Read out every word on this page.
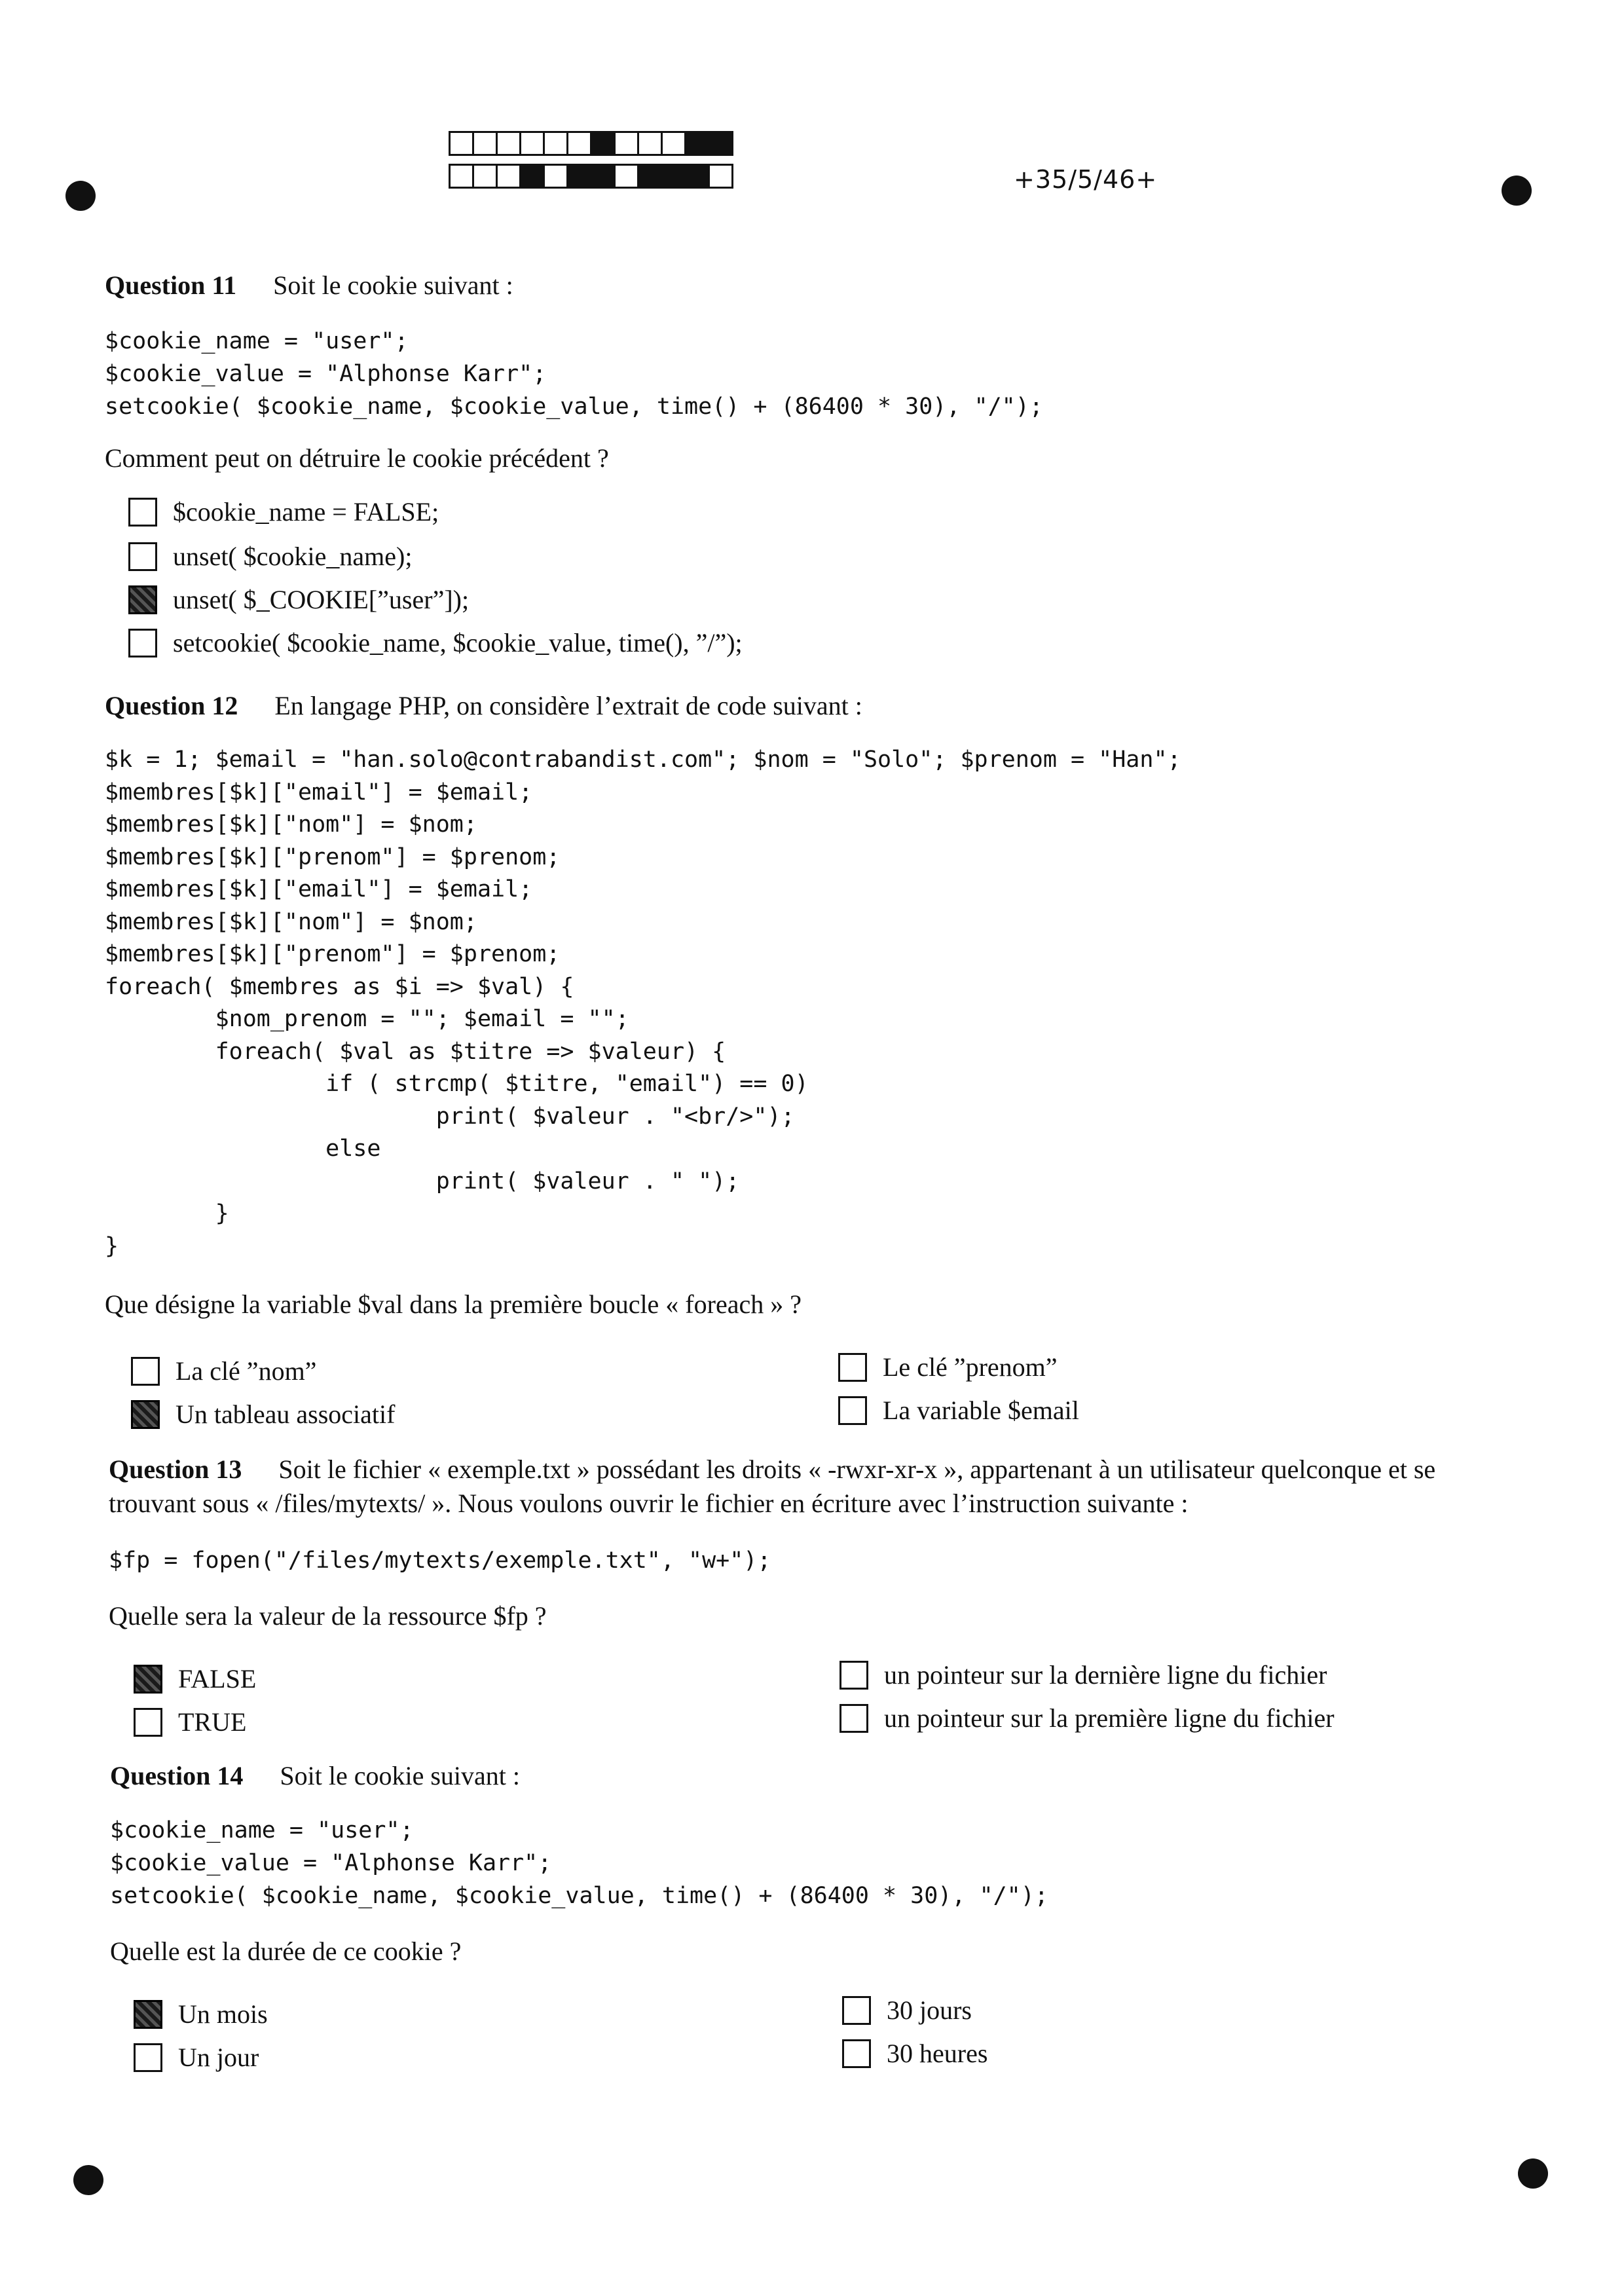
+35/5/46+
Question 11 Soit le cookie suivant :
$cookie_name = "user";
$cookie_value = "Alphonse Karr";
setcookie( $cookie_name, $cookie_value, time() + (86400 * 30), "/");
Comment peut on détruire le cookie précédent ?
$cookie_name = FALSE;
unset( $cookie_name);
unset( $_COOKIE[”user”]);
setcookie( $cookie_name, $cookie_value, time(), ”/”);
Question 12 En langage PHP, on considère l’extrait de code suivant :
$k = 1; $email = "han.solo@contrabandist.com"; $nom = "Solo"; $prenom = "Han";
$membres[$k]["email"] = $email;
$membres[$k]["nom"] = $nom;
$membres[$k]["prenom"] = $prenom;
$membres[$k]["email"] = $email;
$membres[$k]["nom"] = $nom;
$membres[$k]["prenom"] = $prenom;
foreach( $membres as $i => $val) {
$nom_prenom = ""; $email = "";
foreach( $val as $titre => $valeur) {
if ( strcmp( $titre, "email") == 0)
print( $valeur . "<br/>");
else
print( $valeur . " ");
}
}
Que désigne la variable $val dans la première boucle « foreach » ?
La clé ”nom”	Le clé ”prenom”
Un tableau associatif	La variable $email
Question 13 Soit le fichier « exemple.txt » possédant les droits « -rwxr-xr-x », appartenant à un utilisateur quelconque et se trouvant sous « /files/mytexts/ ». Nous voulons ouvrir le fichier en écriture avec l’instruction suivante :
$fp = fopen("/files/mytexts/exemple.txt", "w+");
Quelle sera la valeur de la ressource $fp ?
FALSE	un pointeur sur la dernière ligne du fichier
TRUE	un pointeur sur la première ligne du fichier
Question 14 Soit le cookie suivant :
$cookie_name = "user";
$cookie_value = "Alphonse Karr";
setcookie( $cookie_name, $cookie_value, time() + (86400 * 30), "/");
Quelle est la durée de ce cookie ?
Un mois	30 jours
Un jour	30 heures
